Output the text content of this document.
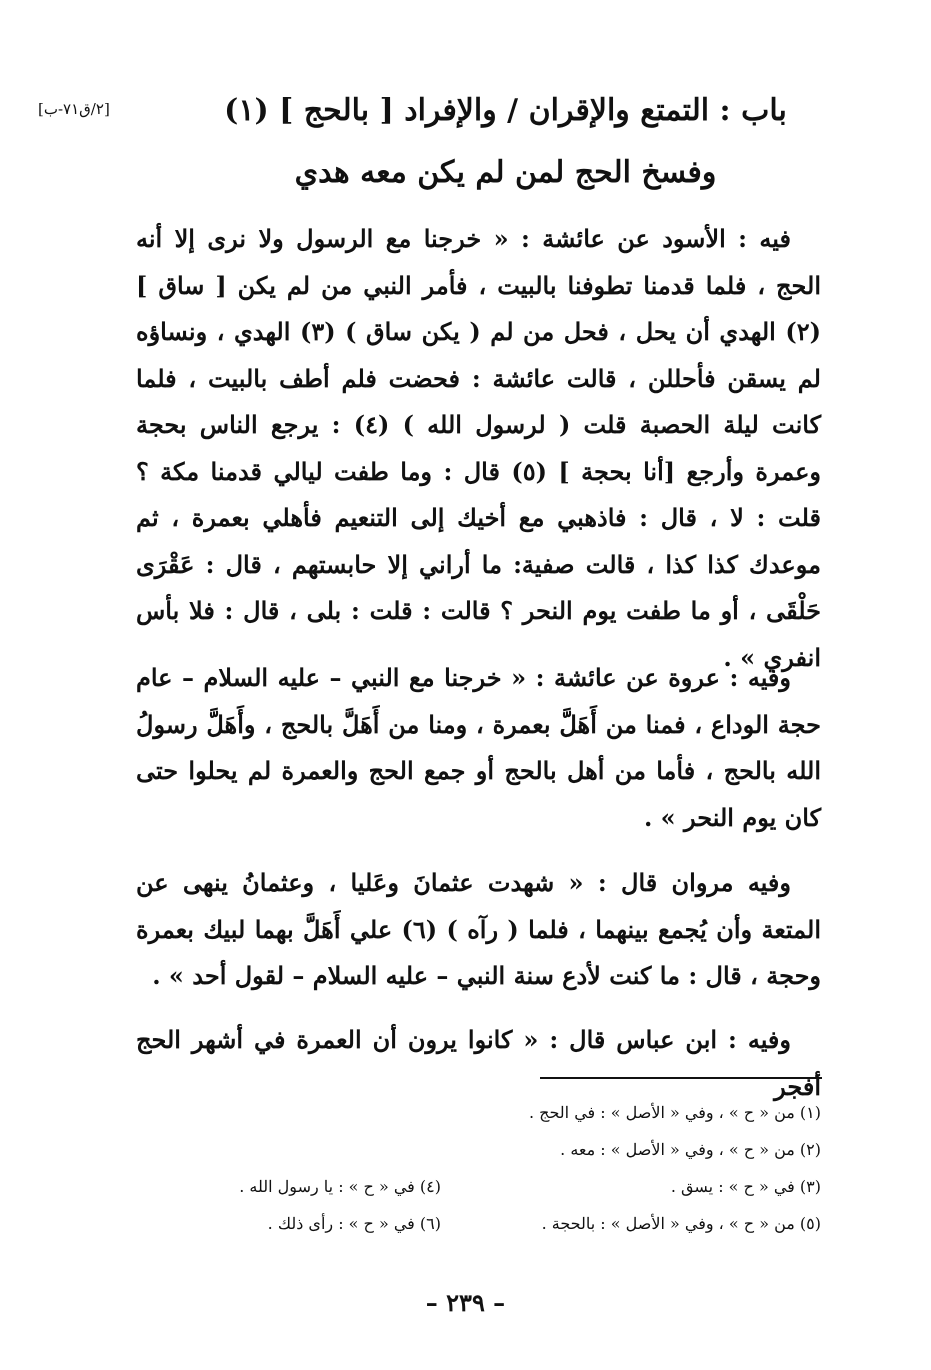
[٢/ق٧١-ب]	باب : التمتع والإقران / والإفراد [ بالحج ] (١)
وفسخ الحج لمن لم يكن معه هدي

فيه : الأسود عن عائشة : « خرجنا مع الرسول ولا نرى إلا أنه الحج ، فلما قدمنا تطوفنا بالبيت ، فأمر النبي من لم يكن [ ساق ] (٢) الهدي أن يحل ، فحل من لم ( يكن ساق ) (٣) الهدي ، ونساؤه لم يسقن فأحللن ، قالت عائشة : فحضت فلم أطف بالبيت ، فلما كانت ليلة الحصبة قلت ( لرسول الله ) (٤) : يرجع الناس بحجة وعمرة وأرجع [أنا بحجة ] (٥) قال : وما طفت ليالي قدمنا مكة ؟ قلت : لا ، قال : فاذهبي مع أخيك إلى التنعيم فأهلي بعمرة ، ثم موعدك كذا كذا ، قالت صفية: ما أراني إلا حابستهم ، قال : عَقْرَى حَلْقَى ، أو ما طفت يوم النحر ؟ قالت : قلت : بلى ، قال : فلا بأس انفري » .

وفيه : عروة عن عائشة : « خرجنا مع النبي – عليه السلام – عام حجة الوداع ، فمنا من أَهَلَّ بعمرة ، ومنا من أَهَلَّ بالحج ، وأَهَلَّ رسولُ الله بالحج ، فأما من أهل بالحج أو جمع الحج والعمرة لم يحلوا حتى كان يوم النحر » .

وفيه مروان قال : « شهدت عثمانَ وعَليا ، وعثمانُ ينهى عن المتعة وأن يُجمع بينهما ، فلما ( رآه ) (٦) علي أَهَلَّ بهما لبيك بعمرة وحجة ، قال : ما كنت لأدع سنة النبي – عليه السلام – لقول أحد » .

وفيه : ابن عباس قال : « كانوا يرون أن العمرة في أشهر الحج أفجر

(١) من « ح » ، وفي « الأصل » : في الحج .
(٢) من « ح » ، وفي « الأصل » : معه .
(٣) في « ح » : يسق .
(٤) في « ح » : يا رسول الله .
(٥) من « ح » ، وفي « الأصل » : بالحجة .
(٦) في « ح » : رأى ذلك .
– ٢٣٩ –
